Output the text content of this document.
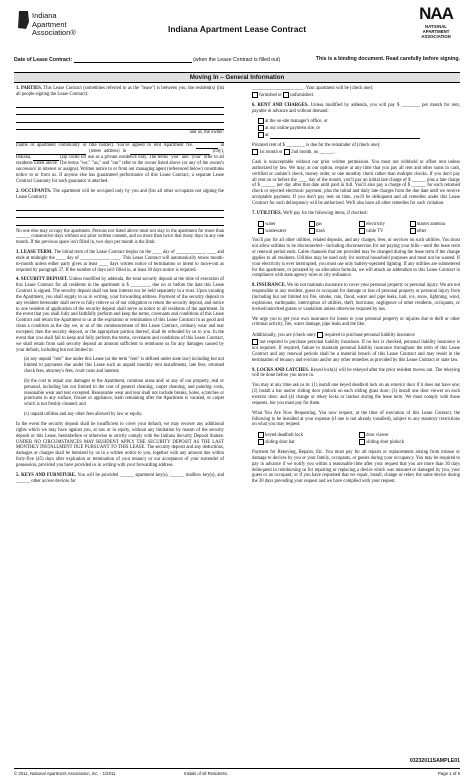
Indiana Apartment
Association®	Indiana Apartment Lease Contract
NAA
NATIONAL
APARTMENT
ASSOCIATION
Date of Lease Contract:	(when the Lease Contract is filled out)	This is a binding document. Read carefully before signing.
Moving In – General Information

1. PARTIES. This Lease Contract (sometimes referred to as the "lease") is between you, the resident(s) (list all people signing the Lease Contract):

and us, the owner:

(name of apartment community or title holder). You've agreed to rent Apartment No.	at  (street address) in	(city), Indiana,	(zip code) for use as a private residence only. The terms "you" and "your" refer to all residents listed above. The terms "we," "us," and "our" refer to the owner listed above (or any of the owner's successors' in interest or assigns). Written notice to or from our managing agent (referenced below) constitutes notice to or from us. If anyone else has guaranteed performance of this Lease Contract, a separate Lease Contract Guaranty for each guarantor is attached.

2. OCCUPANTS. The apartment will be occupied only by you and (list all other occupants not signing the Lease Contract):

No one else may occupy the apartment. Persons not listed above must not stay in the apartment for more than ______ consecutive days without our prior written consent, and no more than twice that many days in any one month. If the previous space isn't filled in, two days per month is the limit.

3. LEASE TERM. The initial term of the Lease Contract begins on the ____ day of ____________, ____ and ends at midnight the ____ day of ____________, ____. This Lease Contract will automatically renew month-to-month unless either party gives at least ____ days written notice of termination or intent to move-out as required by paragraph 37. If the number of days isn't filled in, at least 30 days notice is required.

4. SECURITY DEPOSIT. Unless modified by addenda, the total security deposit at the time of execution of this Lease Contract for all residents in the apartment is $ ________, due on or before the date this Lease Contract is signed. The security deposit shall not bear interest nor be held separately in a trust. Upon vacating the Apartment, you shall supply to us in writing, your forwarding address. Payment of the security deposit to any resident hereunder shall serve to fully relieve us of our obligation to return the security deposit, and notice to one resident of application of the security deposit shall serve as notice to all residents of the apartment. In the event that you shall fully and faithfully perform and keep the terms, covenants and conditions of this Lease Contract and return the Apartment to us at the expiration or termination of this Lease Contract in as good and clean a condition as the day we, or as of the commencement of this Lease Contract, ordinary wear and tear excepted, then the security deposit, or the appropriate portion thereof, shall be refunded by us to you. In the event that you shall fail to keep and fully perform the terms, covenants and conditions of this Lease Contract, we shall retain from said security deposit an amount sufficient to reimburse us for any damages caused by your default, including but not limited to:

(a) any unpaid "rent" due under this Lease (as the term "rent" is defined under state law) including but not limited to payments due under this Lease such as unpaid monthly rent installments, late fees, returned check fees, attorney's fees, court costs and interest;

(b) the cost to repair any damages to the Apartment, common areas and/ or any of our property, real or personal, including but not limited to the cost of general cleaning, carpet cleaning, and painting costs, reasonable wear and tear excepted. Reasonable wear and tear shall not include breaks, holes, scratches or punctures in any surface, fixture or appliance, trash remaining after the Apartment is vacated, or carpet which is not freshly cleaned; and

(c) unpaid utilities and any other fees allowed by law or equity.

In the event the security deposit shall be insufficient to cover your default, we may recover any additional rights which we may have against you, at law or in equity, without any limitation by reason of the security deposit or this Lease, hereinbefore or otherwise to strictly comply with the Indiana Security Deposit Statute. UNDER NO CIRCUMSTANCES MAY RESIDENT APPLY THE SECURITY DEPOSIT AS THE LAST MONTHLY INSTALLMENT DUE PURSUANT TO THIS LEASE. The security deposit and any deductions, damages or charges shall be itemized by us in a written notice to you, together with any amount due within forty-five (45) days after expiration or termination of your tenancy or our acceptance of your surrender of possession, provided you have provided us in writing with your forwarding address.

5. KEYS AND FURNITURE. You will be provided ______ apartment key(s), ______ mailbox key(s), and ______ other access devices for

______________________. Your apartment will be (check one):
furnished or unfurnished.

6. RENT AND CHARGES. Unless modified by addenda, you will pay $ ________ per month for rent, payable in advance and without demand:

at the on-site manager's office, or
at our online payment site, or
at

Prorated rent of $ ________ is due for the remainder of (check one):
1st month or 2nd month, on ______.

Cash is unacceptable without our prior written permission. You must not withhold or offset rent unless authorized by law. We may, at our option, require at any time that you pay all rent and other sums in cash, certified or cashier's check, money order, or one monthly check rather than multiple checks. If you don't pay all rent on or before the ____ day of the month, you'll pay an initial late charge of $ ______ plus a late charge of $ ______ per day after that date until paid in full. You'll also pay a charge of $ ______ for each returned check or rejected electronic payment, plus the initial and daily late charges from the due date until we receive acceptable payment. If you don't pay rent on time, you'll be delinquent and all remedies under this Lease Contract for such delinquency will be authorized. We'll also have all other remedies for such violation.

7. UTILITIES. We'll pay for the following items, if checked:

water	gas	electricity	master antenna
wastewater	trash	cable TV	other

You'll pay for all other utilities, related deposits, and any charges, fees, or services on such utilities. You must not allow utilities to be disconnected—including disconnection for not paying your bills—until the lease term or renewal period ends. Cable channels that are provided may be changed during the lease term if the change applies to all residents. Utilities may be used only for normal household purposes and must not be wasted. If your electricity is ever interrupted, you must use only battery-operated lighting. If any utilities are submetered for the apartment, or prorated by an allocation formula, we will attach an addendum to this Lease Contract in compliance with state agency rules or city ordinance.

8. INSURANCE. We do not maintain insurance to cover your personal property or personal injury. We are not responsible to any resident, guest or occupant for damage or loss of personal property or personal injury from (including but not limited to) fire, smoke, rain, flood, water and pipe leaks, hail, ice, snow, lightning, wind, explosions, earthquake, interruption of utilities, theft, hurricane, negligence of other residents, occupants, or invited/uninvited guests or vandalism unless otherwise required by law.

We urge you to get your own insurance for losses to your personal property or injuries due to theft or other criminal activity, fire, water damage, pipe leaks and the like.

Additionally, you are (check one): required to purchase personal liability insurance
not required to purchase personal liability insurance. If no box is checked, personal liability insurance is not required. If required, failure to maintain personal liability insurance throughout the term of this Lease Contract and any renewal periods shall be a material breach of this Lease Contract and may result in the termination of tenancy and eviction and/or any other remedies as provided by this Lease Contract or state law.

9. LOCKS AND LATCHES. Keyed lock(s) will be rekeyed after the prior resident moves out. The rekeying will be done before you move in.

You may at any time ask us to: (1) install one keyed deadbolt lock on an exterior door if it does not have one; (2) install a bar and/or sliding door pinlock on each sliding glass door; (3) install one door viewer on each exterior door; and (4) change or rekey locks or latches during the lease term. We must comply with those requests, but you must pay for them.

What You Are Now Requesting. You now request, at the time of execution of this Lease Contract, the following to be installed at your expense (if one is not already installed), subject to any statutory restrictions on what you may request:

keyed deadbolt lock	door viewer
sliding door bar	sliding door pinlock

Payment for Rekeying, Repairs, Etc. You must pay for all repairs or replacements arising from misuse or damage to devices by you or your family, occupants, or guests during your occupancy. You may be required to pay in advance if we notify you within a reasonable time after your request that you are more than 30 days delinquent in reimbursing us for repairing or replacing a device which was misused or damaged by you, your guest or an occupant; or if you have requested that we repair, install, change or rekey the same device during the 30 days preceding your request and we have complied with your request.

03232011SAMPLE01
© 2011, National Apartment Association, Inc. - 1/2011	Initials of all Residents:	Page 1 of 6
